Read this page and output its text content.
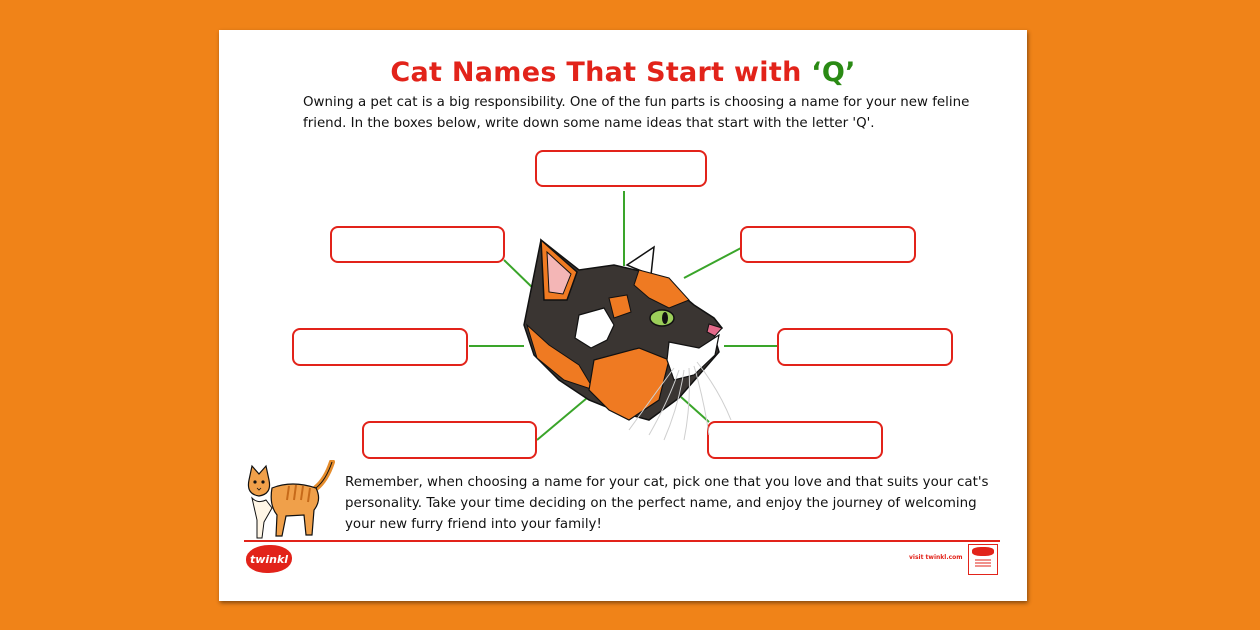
Cat Names That Start with ‘Q’
Owning a pet cat is a big responsibility. One of the fun parts is choosing a name for your new feline friend. In the boxes below, write down some name ideas that start with the letter 'Q'.
Remember, when choosing a name for your cat, pick one that you love and that suits your cat's personality. Take your time deciding on the perfect name, and enjoy the journey of welcoming your new furry friend into your family!
twinkl	visit twinkl.com
